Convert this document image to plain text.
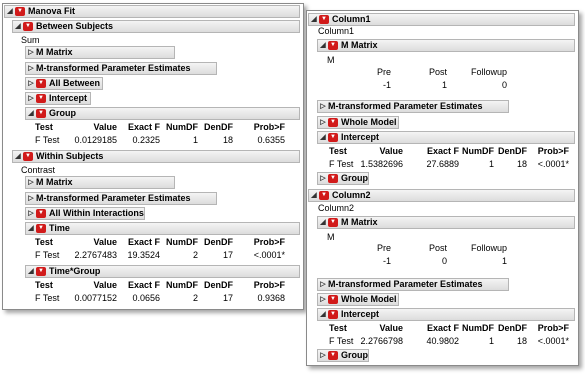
◢ ▼ Manova Fit
◢ ▼ Between Subjects
Sum
▷ M Matrix
▷ M-transformed Parameter Estimates
▷ ▼ All Between
▷ ▼ Intercept
◢ ▼ Group
Test	Value Exact F NumDF DenDF Prob>F
F Test 0.0129185 0.2325	1	18	0.6355
◢ ▼ Within Subjects
Contrast
▷ M Matrix
▷ M-transformed Parameter Estimates
▷ ▼ All Within Interactions
◢ ▼ Time
Test	Value Exact F NumDF DenDF Prob>F
F Test 2.2767483 19.3524	2	17 <.0001*
◢ ▼ Time*Group
Test	Value Exact F NumDF DenDF Prob>F
F Test 0.0077152 0.0656	2	17	0.9368
◢ ▼ Column1
Column1
◢ ▼ M Matrix
M
Pre	Post	Followup
-1	1	0
▷ M-transformed Parameter Estimates
▷ ▼ Whole Model
◢ ▼ Intercept
Test	Value	Exact F NumDF DenDF Prob>F
F Test 1.5382696	27.6889	1	18 <.0001*
▷ ▼ Group
◢ ▼ Column2
Column2
◢ ▼ M Matrix
M
Pre	Post	Followup
-1	0	1
▷ M-transformed Parameter Estimates
▷ ▼ Whole Model
◢ ▼ Intercept
Test	Value	Exact F NumDF DenDF Prob>F
F Test 2.2766798	40.9802	1	18 <.0001*
▷ ▼ Group
